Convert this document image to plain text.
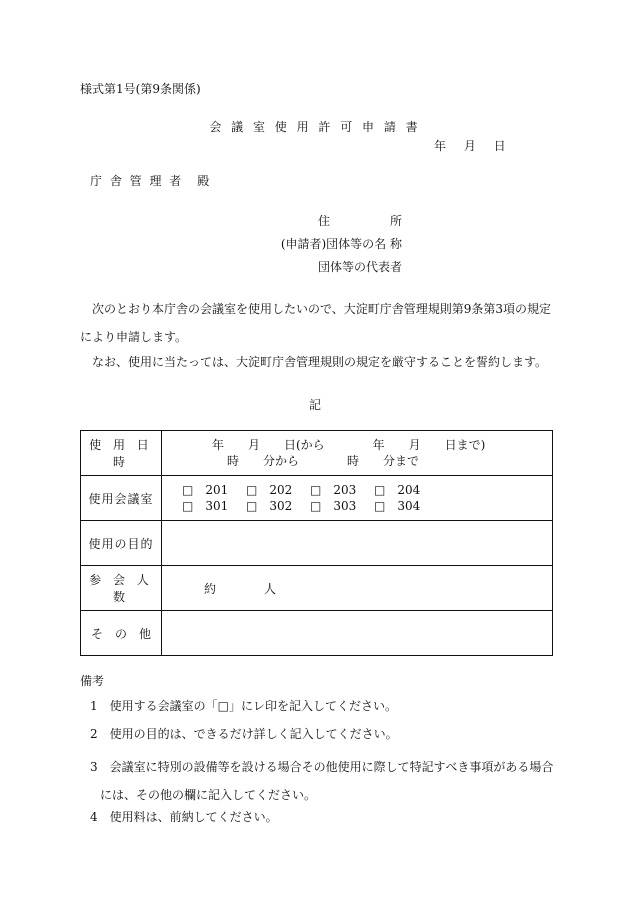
様式第1号(第9条関係)
会 議 室 使 用 許 可 申 請 書
年 月 日
庁 舎 管 理 者　殿
住　　　　　所
(申請者)団体等の名 称
団体等の代表者
次のとおり本庁舎の会議室を使用したいので、大淀町庁舎管理規則第9条第3項の規定により申請します。
なお、使用に当たっては、大淀町庁舎管理規則の規定を厳守することを誓約します。
記
使 用 日 時	年　　月　　日(から　　　　年　　月　　日まで)
時　　分から　　　　時　　分まで

使用会議室	□　201 □　202 □　203 □　204
□　301 □　302 □　303 □　304

使用の目的	
参 会 人 数	約　　　　人
そ　の　他	
備考
1　使用する会議室の「□」にレ印を記入してください。
2　使用の目的は、できるだけ詳しく記入してください。
3　会議室に特別の設備等を設ける場合その他使用に際して特記すべき事項がある場合
には、その他の欄に記入してください。
4　使用料は、前納してください。
